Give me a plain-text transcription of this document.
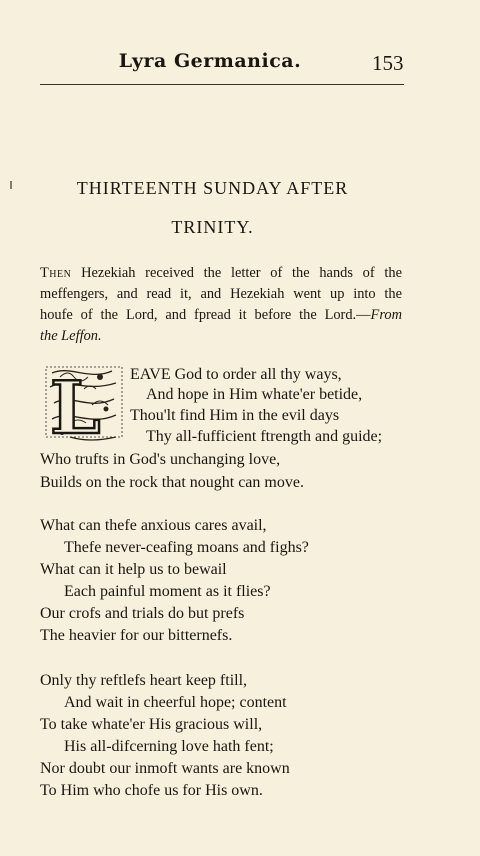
Lyra Germanica.	153
THIRTEENTH SUNDAY AFTER
TRINITY.
Then Hezekiah received the letter of the hands of the
meffengers, and read it, and Hezekiah went up into the
houfe of the Lord, and fpread it before the Lord.—From
the Leffon.
L EAVE God to order all thy ways,
And hope in Him whate'er betide,
Thou'lt find Him in the evil days
Thy all-fufficient ftrength and guide;
Who trufts in God's unchanging love,
Builds on the rock that nought can move.
What can thefe anxious cares avail,
Thefe never-ceafing moans and fighs?
What can it help us to bewail
Each painful moment as it flies?
Our crofs and trials do but prefs
The heavier for our bitternefs.
Only thy reftlefs heart keep ftill,
And wait in cheerful hope; content
To take whate'er His gracious will,
His all-difcerning love hath fent;
Nor doubt our inmoft wants are known
To Him who chofe us for His own.
